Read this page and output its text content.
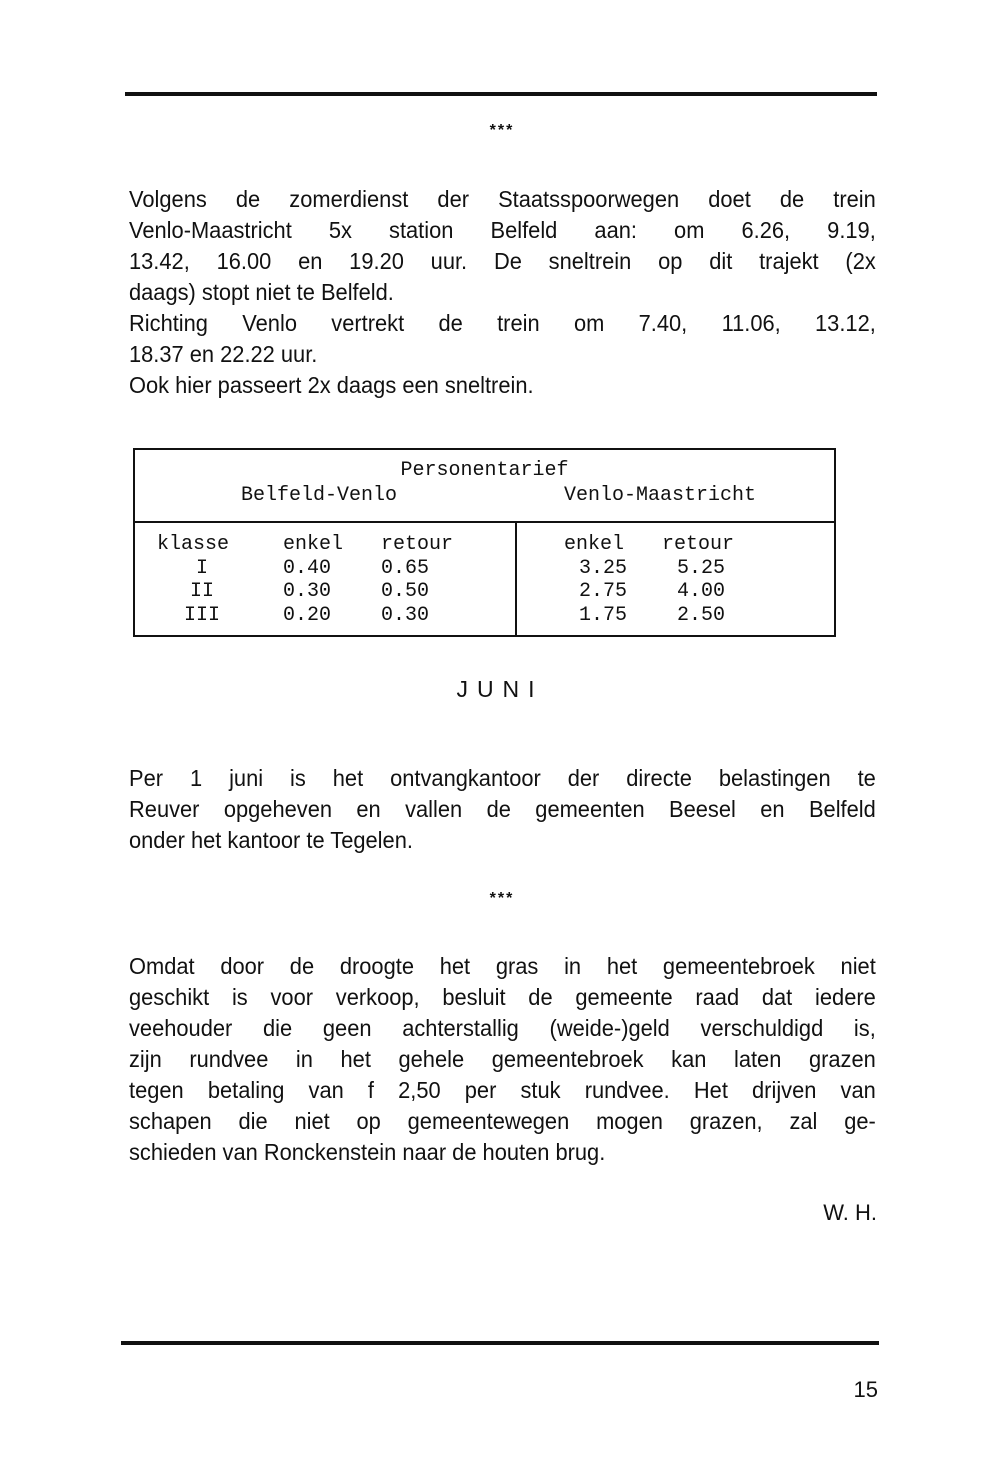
***
Volgens de zomerdienst der Staatsspoorwegen doet de trein
Venlo-Maastricht 5x station Belfeld aan: om 6.26, 9.19,
13.42, 16.00 en 19.20 uur. De sneltrein op dit trajekt (2x
daags) stopt niet te Belfeld.
Richting Venlo vertrekt de trein om 7.40, 11.06, 13.12,
18.37 en 22.22 uur.
Ook hier passeert 2x daags een sneltrein.
Personentarief
Belfeld-Venlo	Venlo-Maastricht
klasse	enkel retour	enkel retour
I	0.40 0.65	3.25 5.25
II	0.30 0.50	2.75 4.00
III	0.20 0.30	1.75 2.50
JUNI
Per 1 juni is het ontvangkantoor der directe belastingen te
Reuver opgeheven en vallen de gemeenten Beesel en Belfeld
onder het kantoor te Tegelen.
***
Omdat door de droogte het gras in het gemeentebroek niet
geschikt is voor verkoop, besluit de gemeente raad dat iedere
veehouder die geen achterstallig (weide-)geld verschuldigd is,
zijn rundvee in het gehele gemeentebroek kan laten grazen
tegen betaling van f 2,50 per stuk rundvee. Het drijven van
schapen die niet op gemeentewegen mogen grazen, zal ge-
schieden van Ronckenstein naar de houten brug.
W. H.
15
